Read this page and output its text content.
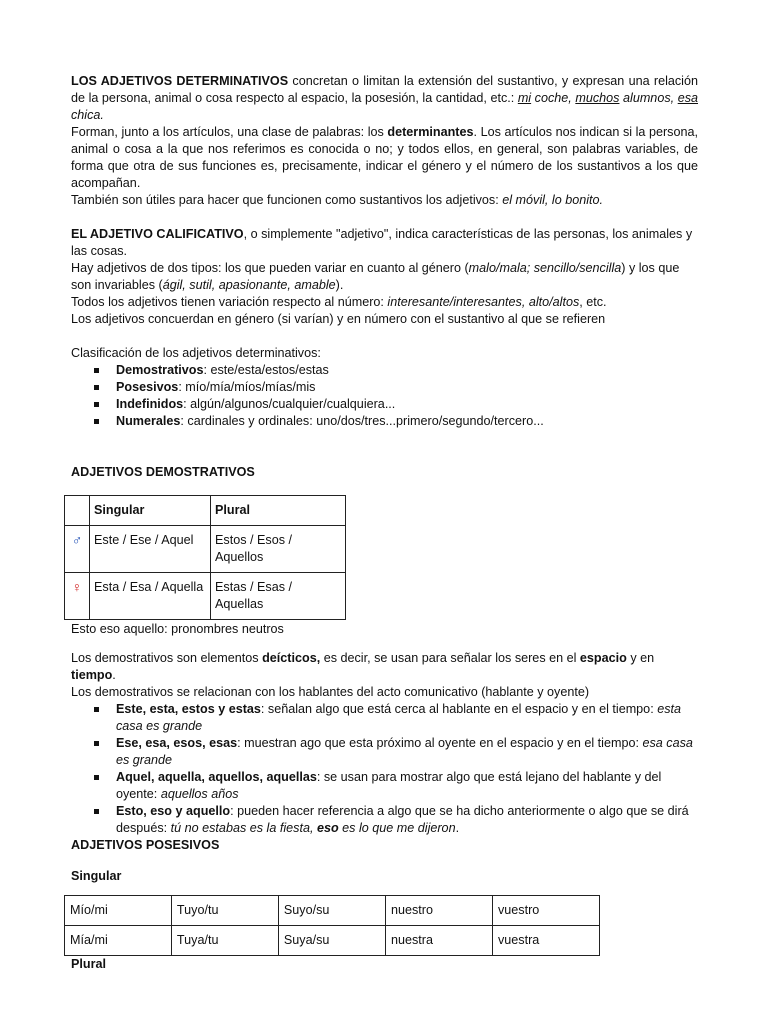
LOS ADJETIVOS DETERMINATIVOS concretan o limitan la extensión del sustantivo, y expresan una relación de la persona, animal o cosa respecto al espacio, la posesión, la cantidad, etc.: mi coche, muchos alumnos, esa chica.

Forman, junto a los artículos, una clase de palabras: los determinantes. Los artículos nos indican si la persona, animal o cosa a la que nos referimos es conocida o no; y todos ellos, en general, son palabras variables, de forma que otra de sus funciones es, precisamente, indicar el género y el número de los sustantivos a los que acompañan.

También son útiles para hacer que funcionen como sustantivos los adjetivos: el móvil, lo bonito.

EL ADJETIVO CALIFICATIVO, o simplemente "adjetivo", indica características de las personas, los animales y las cosas.

Hay adjetivos de dos tipos: los que pueden variar en cuanto al género (malo/mala; sencillo/sencilla) y los que son invariables (ágil, sutil, apasionante, amable).

Todos los adjetivos tienen variación respecto al número: interesante/interesantes, alto/altos, etc.

Los adjetivos concuerdan en género (si varían) y en número con el sustantivo al que se refieren

Clasificación de los adjetivos determinativos:

Demostrativos: este/esta/estos/estas
Posesivos: mío/mía/míos/mías/mis
Indefinidos: algún/algunos/cualquier/cualquiera...
Numerales: cardinales y ordinales: uno/dos/tres...primero/segundo/tercero...

ADJETIVOS DEMOSTRATIVOS

	Singular	Plural
♂	Este / Ese / Aquel	Estos / Esos / Aquellos
♀	Esta / Esa / Aquella	Estas / Esas / Aquellas

Esto eso aquello: pronombres neutros

Los demostrativos son elementos deícticos, es decir, se usan para señalar los seres en el espacio y en tiempo.

Los demostrativos se relacionan con los hablantes del acto comunicativo (hablante y oyente)

Este, esta, estos y estas: señalan algo que está cerca al hablante en el espacio y en el tiempo: esta casa es grande
Ese, esa, esos, esas: muestran ago que esta próximo al oyente en el espacio y en el tiempo: esa casa es grande
Aquel, aquella, aquellos, aquellas: se usan para mostrar algo que está lejano del hablante y del oyente: aquellos años
Esto, eso y aquello: pueden hacer referencia a algo que se ha dicho anteriormente o algo que se dirá después: tú no estabas es la fiesta, eso es lo que me dijeron.

ADJETIVOS POSESIVOS

Singular

Mío/mi	Tuyo/tu	Suyo/su	nuestro	vuestro
Mía/mi	Tuya/tu	Suya/su	nuestra	vuestra

Plural
